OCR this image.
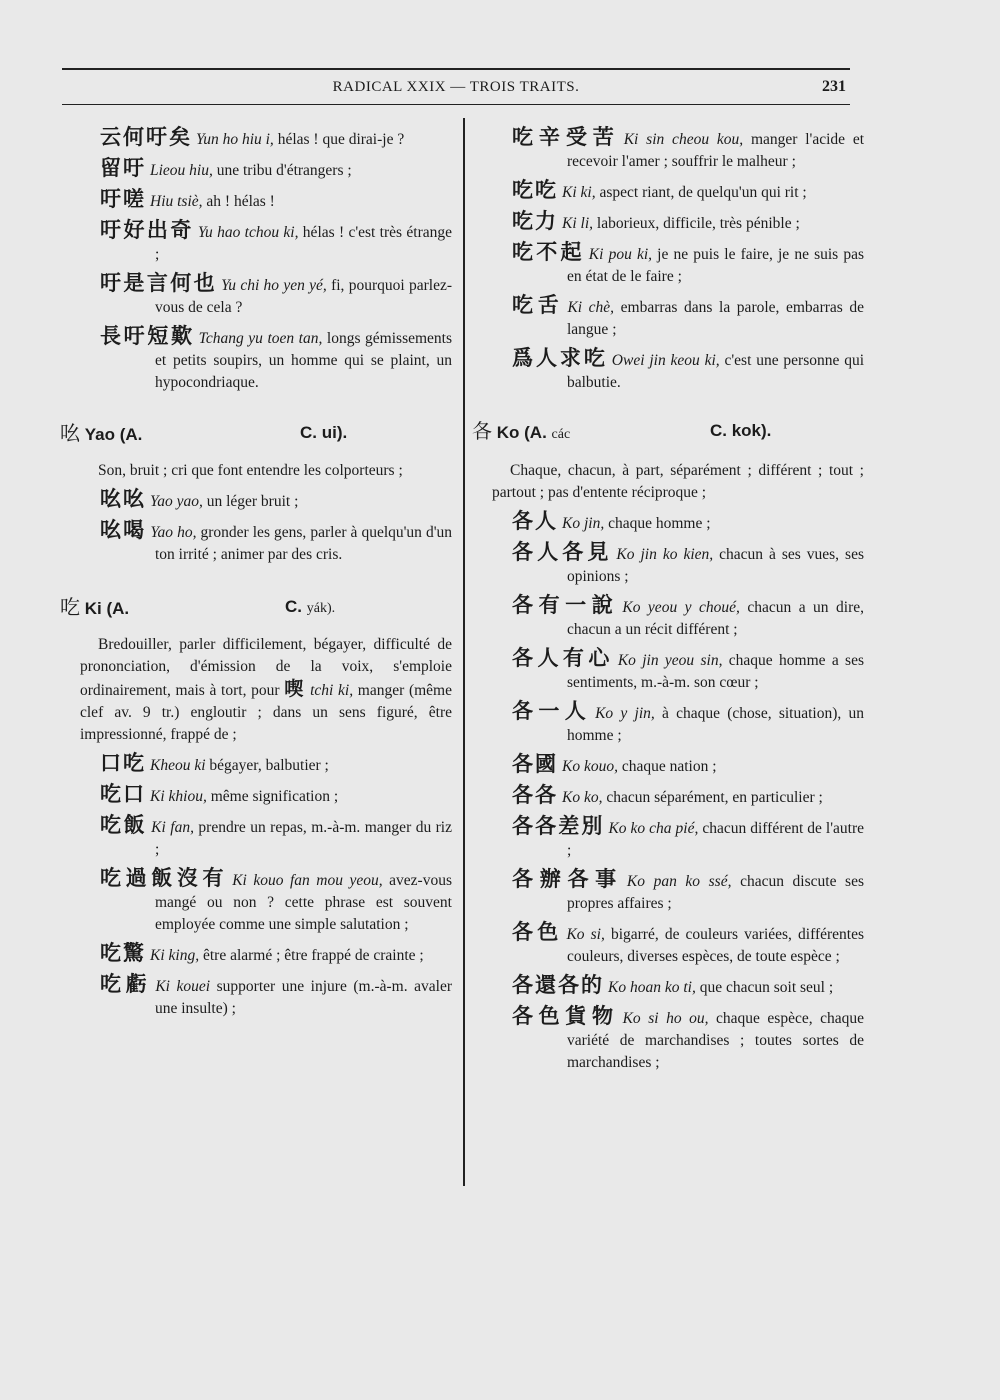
RADICAL XXIX — TROIS TRAITS.	231

云何吁矣 Yun ho hiu i, hélas ! que dirai-je ?

留吁 Lieou hiu, une tribu d'étrangers ;

吁嗟 Hiu tsiè, ah ! hélas !

吁好出奇 Yu hao tchou ki, hélas ! c'est très étrange ;

吁是言何也 Yu chi ho yen yé, fi, pourquoi parlez-vous de cela ?

長吁短歎 Tchang yu toen tan, longs gémissements et petits soupirs, un homme qui se plaint, un hypocondriaque.

吆 Yao (A.	C. ui).

Son, bruit ; cri que font entendre les colporteurs ;

吆吆 Yao yao, un léger bruit ;

吆喝 Yao ho, gronder les gens, parler à quelqu'un d'un ton irrité ; animer par des cris.

吃 Ki (A.	C. yák).

Bredouiller, parler difficilement, bégayer, difficulté de prononciation, d'émission de la voix, s'emploie ordinairement, mais à tort, pour 喫 tchi ki, manger (même clef av. 9 tr.) engloutir ; dans un sens figuré, être impressionné, frappé de ;

口吃 Kheou ki bégayer, balbutier ;

吃口 Ki khiou, même signification ;

吃飯 Ki fan, prendre un repas, m.-à-m. manger du riz ;

吃過飯沒有 Ki kouo fan mou yeou, avez-vous mangé ou non ? cette phrase est souvent employée comme une simple salutation ;

吃驚 Ki king, être alarmé ; être frappé de crainte ;

吃虧 Ki kouei supporter une injure (m.-à-m. avaler une insulte) ;

吃辛受苦 Ki sin cheou kou, manger l'acide et recevoir l'amer ; souffrir le malheur ;

吃吃 Ki ki, aspect riant, de quelqu'un qui rit ;

吃力 Ki li, laborieux, difficile, très pénible ;

吃不起 Ki pou ki, je ne puis le faire, je ne suis pas en état de le faire ;

吃舌 Ki chè, embarras dans la parole, embarras de langue ;

爲人求吃 Owei jin keou ki, c'est une personne qui balbutie.

各 Ko (A. các	C. kok).

Chaque, chacun, à part, séparément ; différent ; tout ; partout ; pas d'entente réciproque ;

各人 Ko jin, chaque homme ;

各人各見 Ko jin ko kien, chacun à ses vues, ses opinions ;

各有一說 Ko yeou y choué, chacun a un dire, chacun a un récit différent ;

各人有心 Ko jin yeou sin, chaque homme a ses sentiments, m.-à-m. son cœur ;

各一人 Ko y jin, à chaque (chose, situation), un homme ;

各國 Ko kouo, chaque nation ;

各各 Ko ko, chacun séparément, en particulier ;

各各差別 Ko ko cha pié, chacun différent de l'autre ;

各辦各事 Ko pan ko ssé, chacun discute ses propres affaires ;

各色 Ko si, bigarré, de couleurs variées, différentes couleurs, diverses espèces, de toute espèce ;

各還各的 Ko hoan ko ti, que chacun soit seul ;

各色貨物 Ko si ho ou, chaque espèce, chaque variété de marchandises ; toutes sortes de marchandises ;
